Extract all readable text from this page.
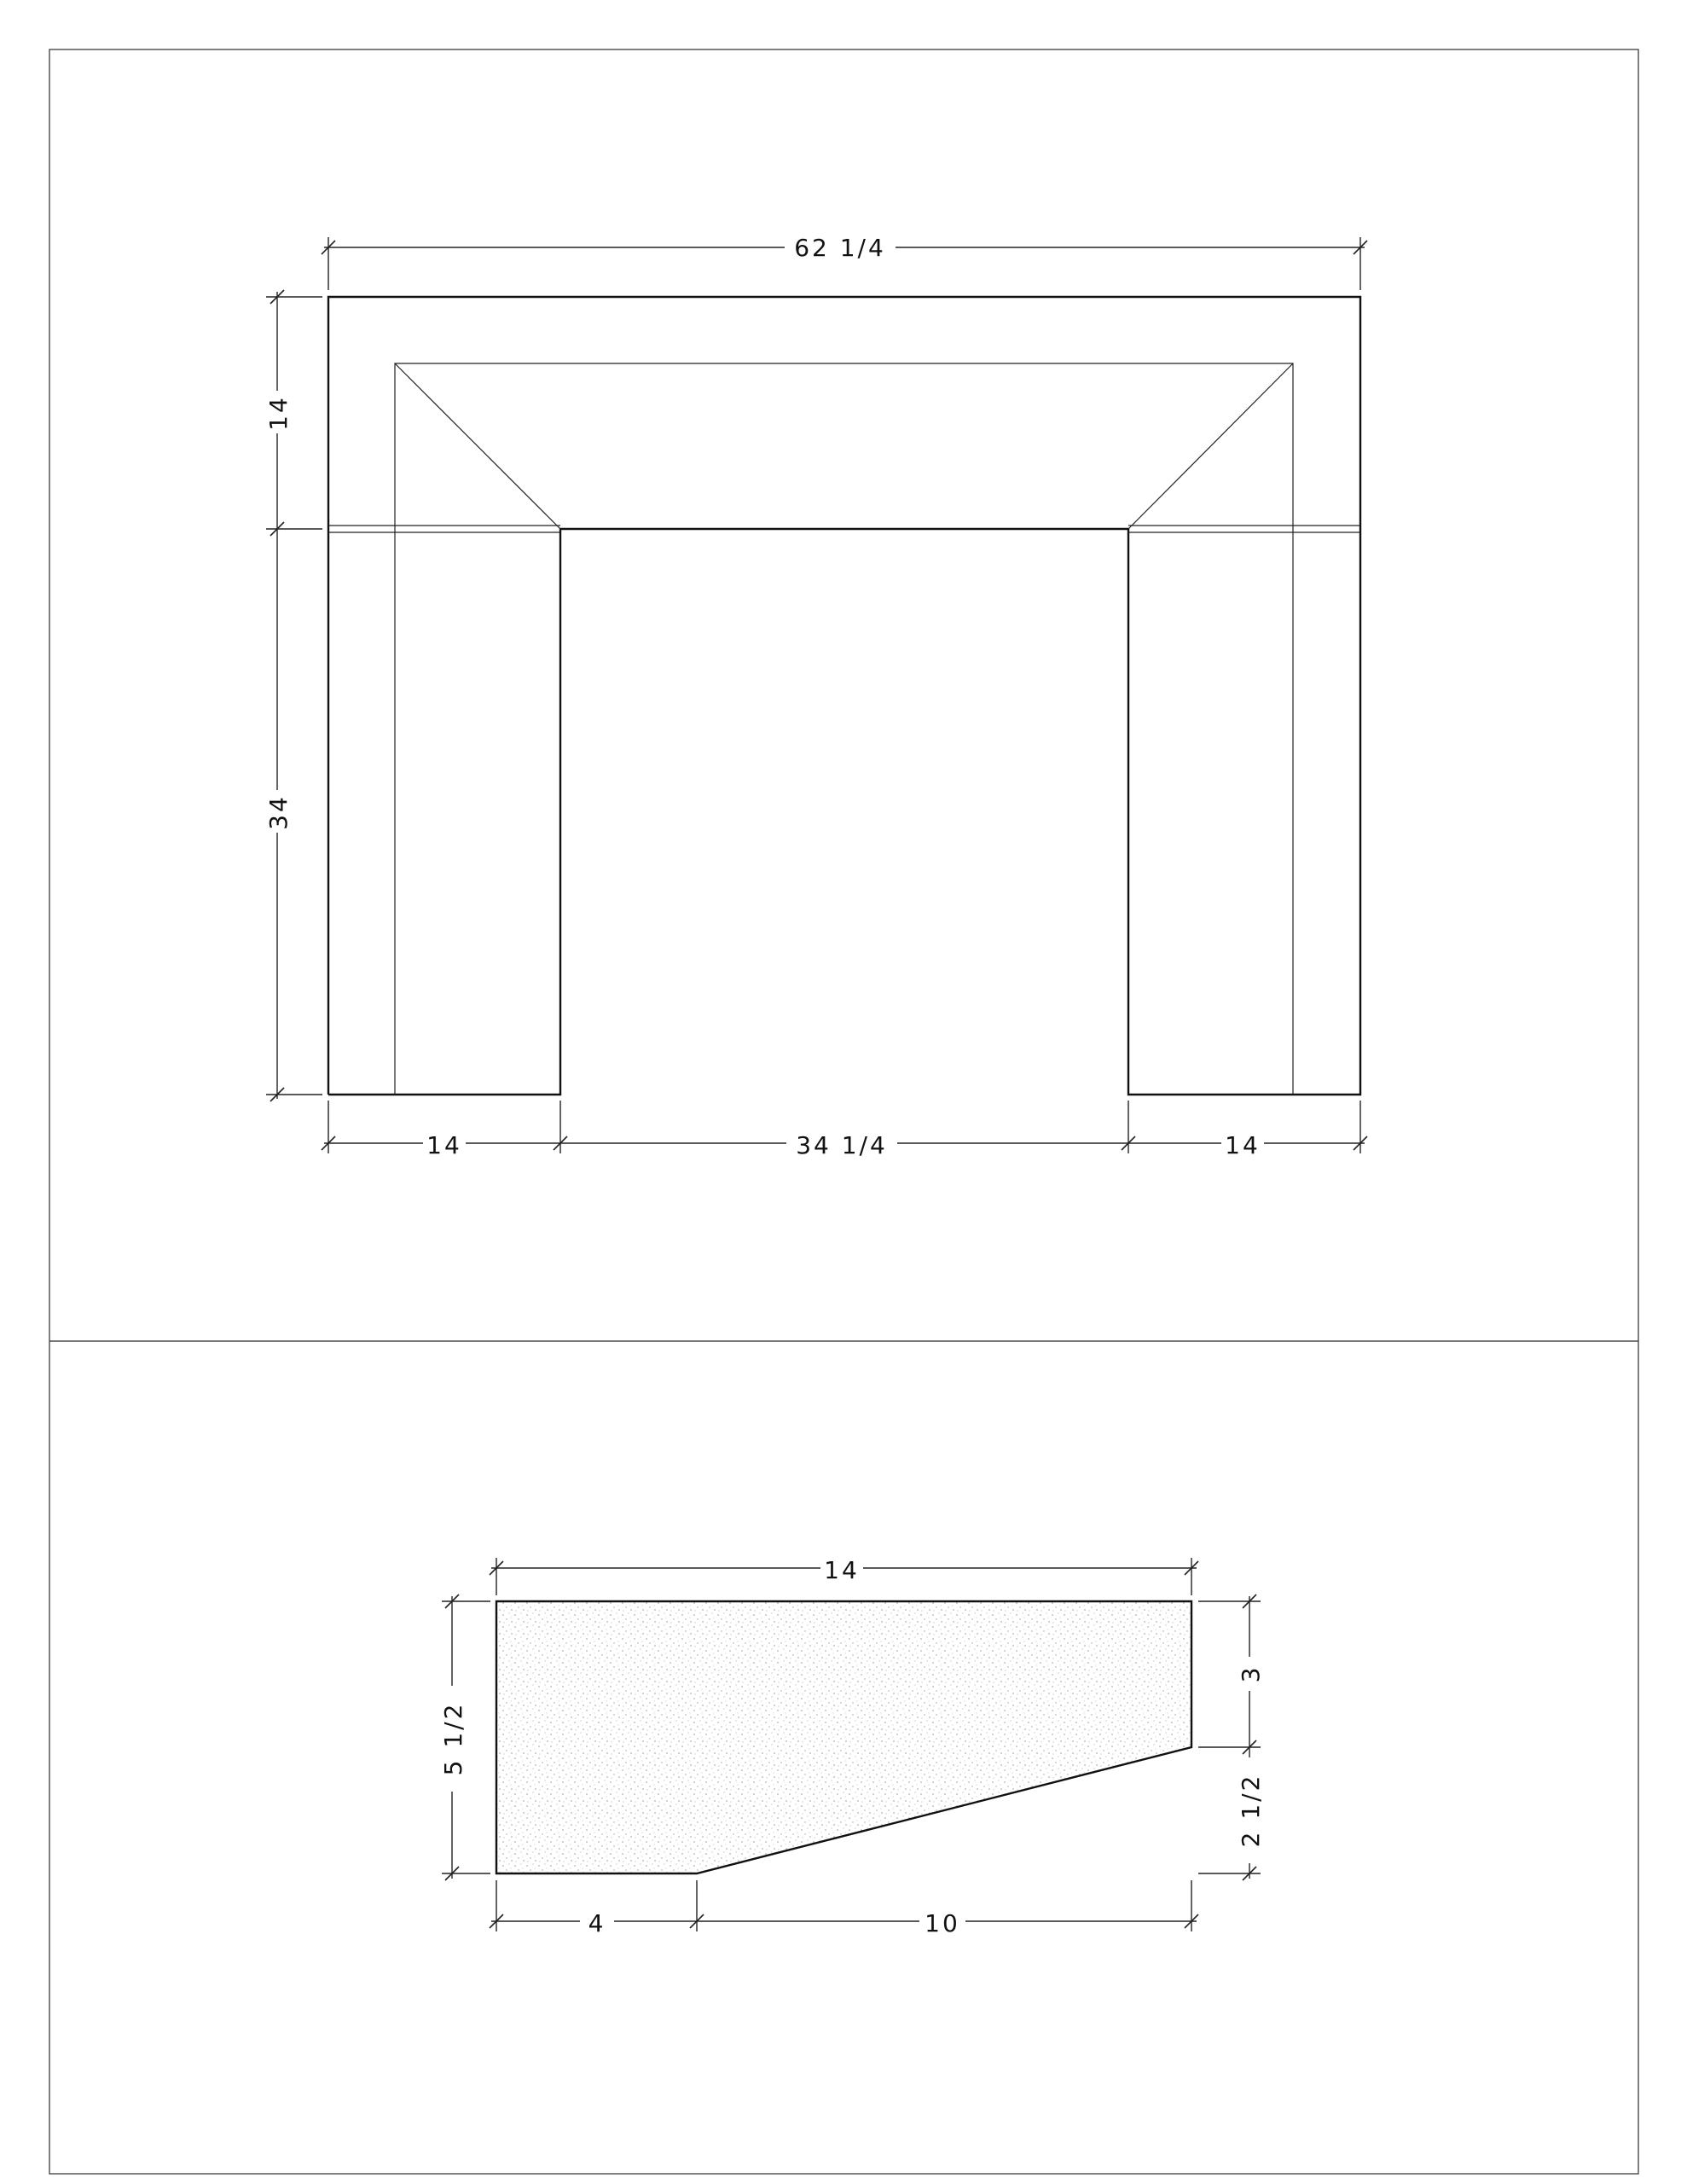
62 1/4
14
34
14	34 1/4	14
14
5 1/2
3
2 1/2
4	10
